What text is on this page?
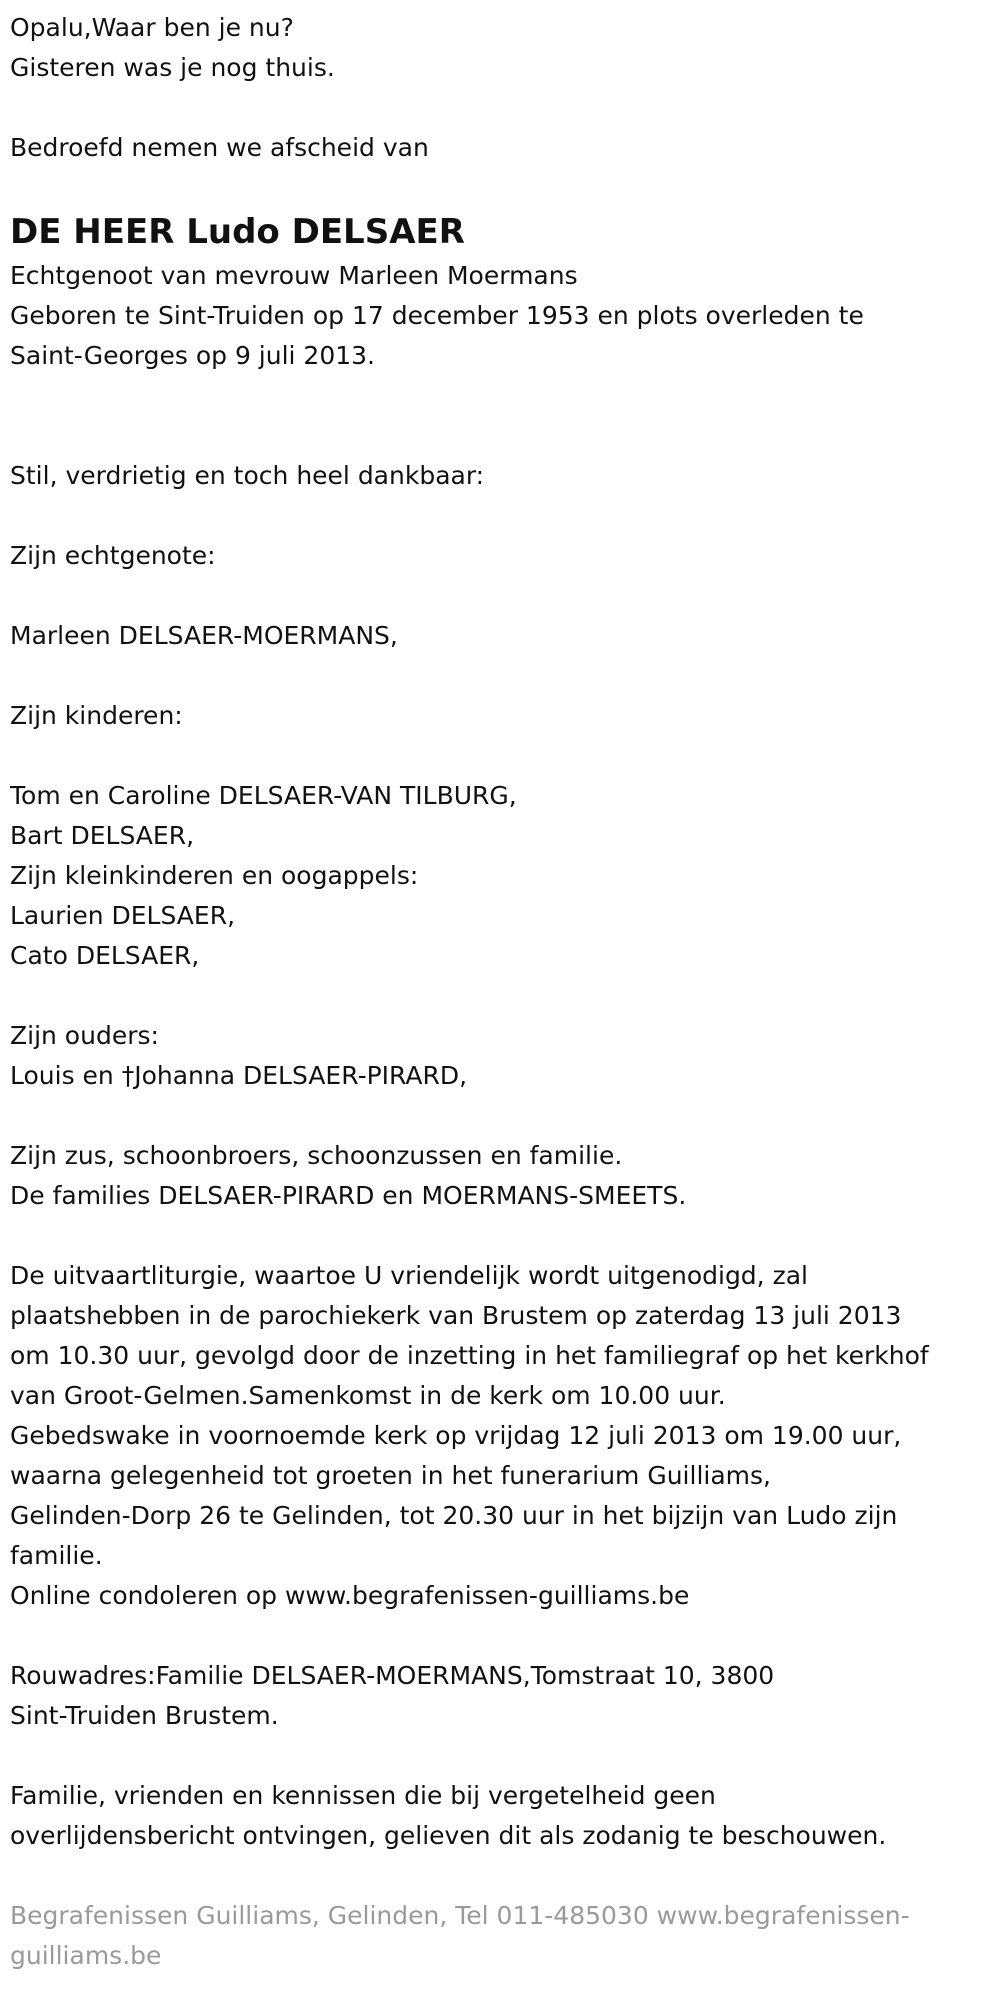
Opalu,Waar ben je nu?

Gisteren was je nog thuis.

Bedroefd nemen we afscheid van

DE HEER Ludo DELSAER

Echtgenoot van mevrouw Marleen Moermans

Geboren te Sint-Truiden op 17 december 1953 en plots overleden te

Saint-Georges op 9 juli 2013.

Stil, verdrietig en toch heel dankbaar:

Zijn echtgenote:

Marleen DELSAER-MOERMANS,

Zijn kinderen:

Tom en Caroline DELSAER-VAN TILBURG,

Bart DELSAER,

Zijn kleinkinderen en oogappels:

Laurien DELSAER,

Cato DELSAER,

Zijn ouders:

Louis en †Johanna DELSAER-PIRARD,

Zijn zus, schoonbroers, schoonzussen en familie.

De families DELSAER-PIRARD en MOERMANS-SMEETS.

De uitvaartliturgie, waartoe U vriendelijk wordt uitgenodigd, zal

plaatshebben in de parochiekerk van Brustem op zaterdag 13 juli 2013

om 10.30 uur, gevolgd door de inzetting in het familiegraf op het kerkhof

van Groot-Gelmen.Samenkomst in de kerk om 10.00 uur.

Gebedswake in voornoemde kerk op vrijdag 12 juli 2013 om 19.00 uur,

waarna gelegenheid tot groeten in het funerarium Guilliams,

Gelinden-Dorp 26 te Gelinden, tot 20.30 uur in het bijzijn van Ludo zijn

familie.

Online condoleren op www.begrafenissen-guilliams.be

Rouwadres:Familie DELSAER-MOERMANS,Tomstraat 10, 3800

Sint-Truiden Brustem.

Familie, vrienden en kennissen die bij vergetelheid geen

overlijdensbericht ontvingen, gelieven dit als zodanig te beschouwen.

Begrafenissen Guilliams, Gelinden, Tel 011-485030 www.begrafenissen-

guilliams.be
